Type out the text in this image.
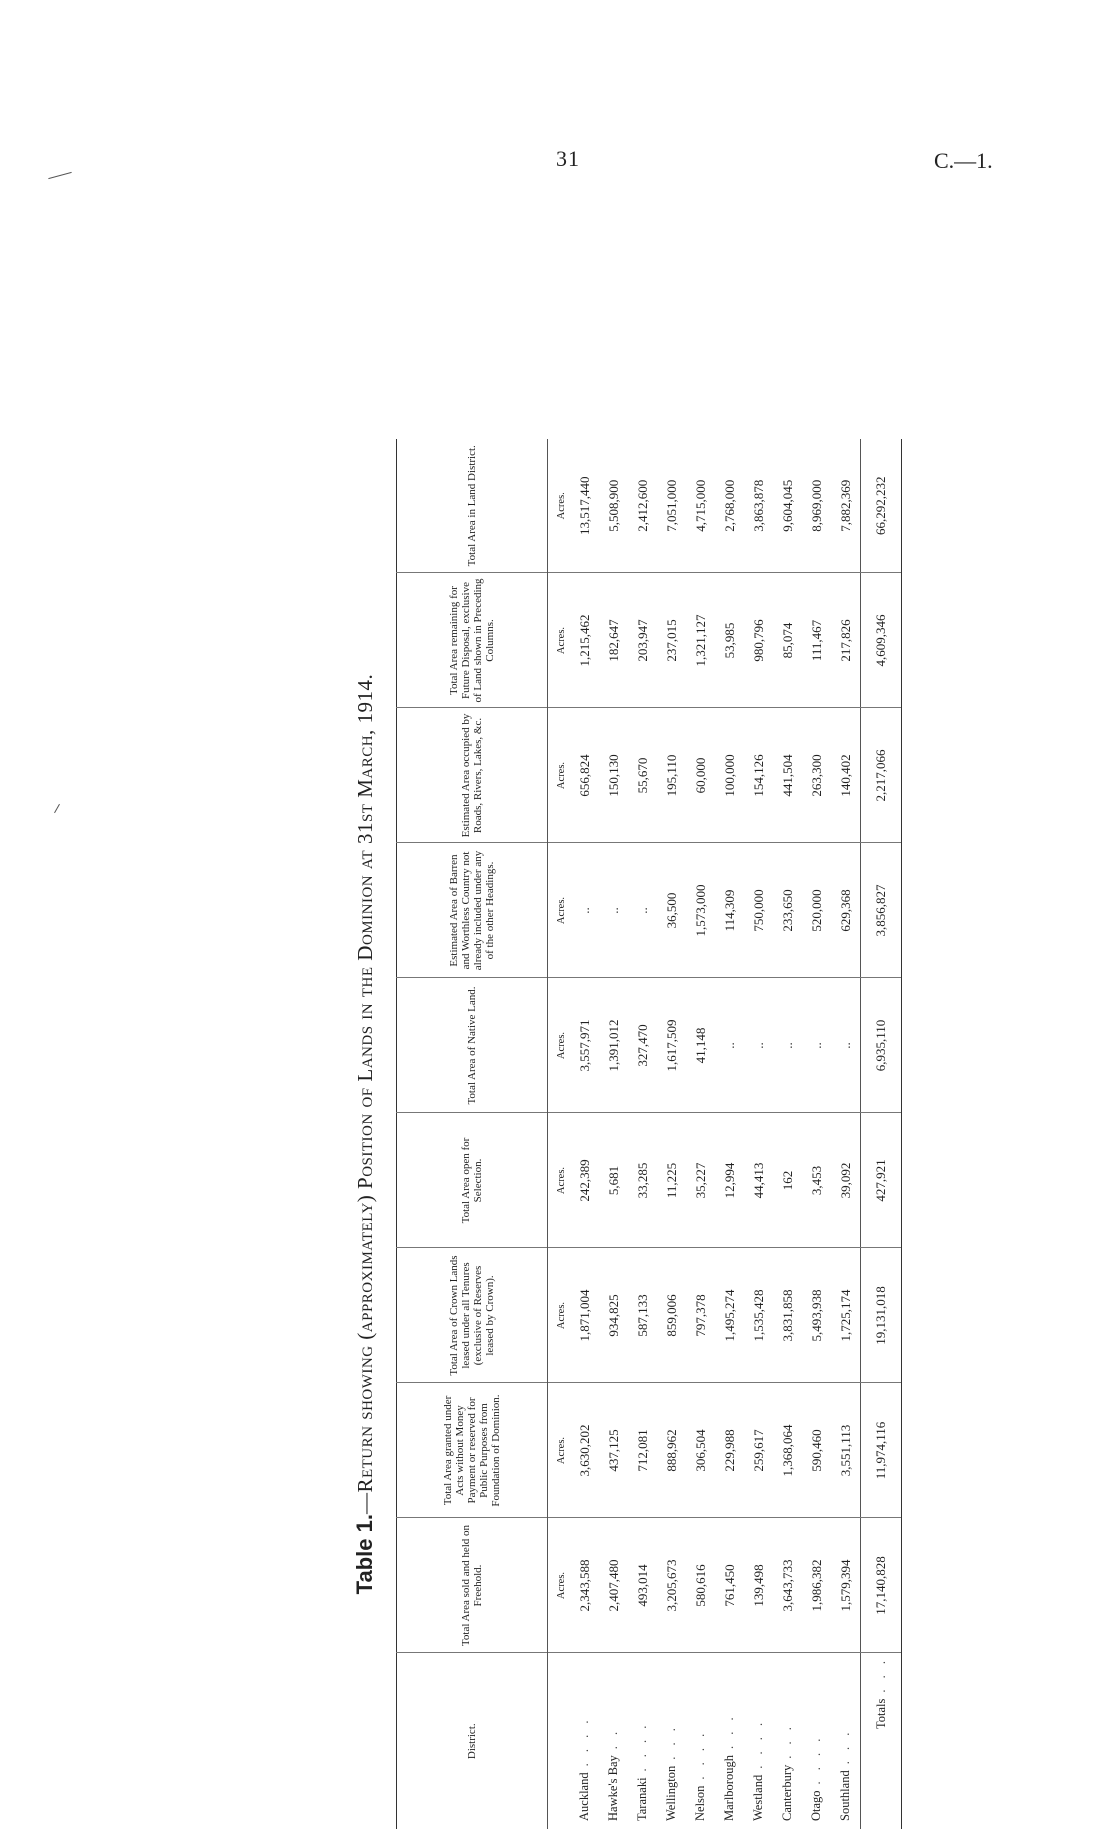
31	C.—1.
Table 1.—Return showing (approximately) Position of Lands in the Dominion at 31st March, 1914.
District.	Total Area sold and held on Freehold.	Total Area granted under Acts without Money Payment or reserved for Public Purposes from Foundation of Dominion.	Total Area of Crown Lands leased under all Tenures (exclusive of Reserves leased by Crown).	Total Area open for Selection.	Total Area of Native Land.	Estimated Area of Barren and Worthless Country not already included under any of the other Headings.	Estimated Area occupied by Roads, Rivers, Lakes, &c.	Total Area remaining for Future Disposal, exclusive of Land shown in Preceding Columns.	Total Area in Land District.
	Acres.	Acres.	Acres.	Acres.	Acres.	Acres.	Acres.	Acres.	Acres.
Auckland. . . .	2,343,588	3,630,202	1,871,004	242,389	3,557,971	..	656,824	1,215,462	13,517,440
Hawke's Bay. .	2,407,480	437,125	934,825	5,681	1,391,012	..	150,130	182,647	5,508,900
Taranaki. . . .	493,014	712,081	587,133	33,285	327,470	..	55,670	203,947	2,412,600
Wellington. . .	3,205,673	888,962	859,006	11,225	1,617,509	36,500	195,110	237,015	7,051,000
Nelson. . . .	580,616	306,504	797,378	35,227	41,148	1,573,000	60,000	1,321,127	4,715,000
Marlborough. . .	761,450	229,988	1,495,274	12,994	..	114,309	100,000	53,985	2,768,000
Westland. . . .	139,498	259,617	1,535,428	44,413	..	750,000	154,126	980,796	3,863,878
Canterbury. . .	3,643,733	1,368,064	3,831,858	162	..	233,650	441,504	85,074	9,604,045
Otago. . . .	1,986,382	590,460	5,493,938	3,453	..	520,000	263,300	111,467	8,969,000
Southland. . .	1,579,394	3,551,113	1,725,174	39,092	..	629,368	140,402	217,826	7,882,369
Totals. . .	17,140,828	11,974,116	19,131,018	427,921	6,935,110	3,856,827	2,217,066	4,609,346	66,292,232
